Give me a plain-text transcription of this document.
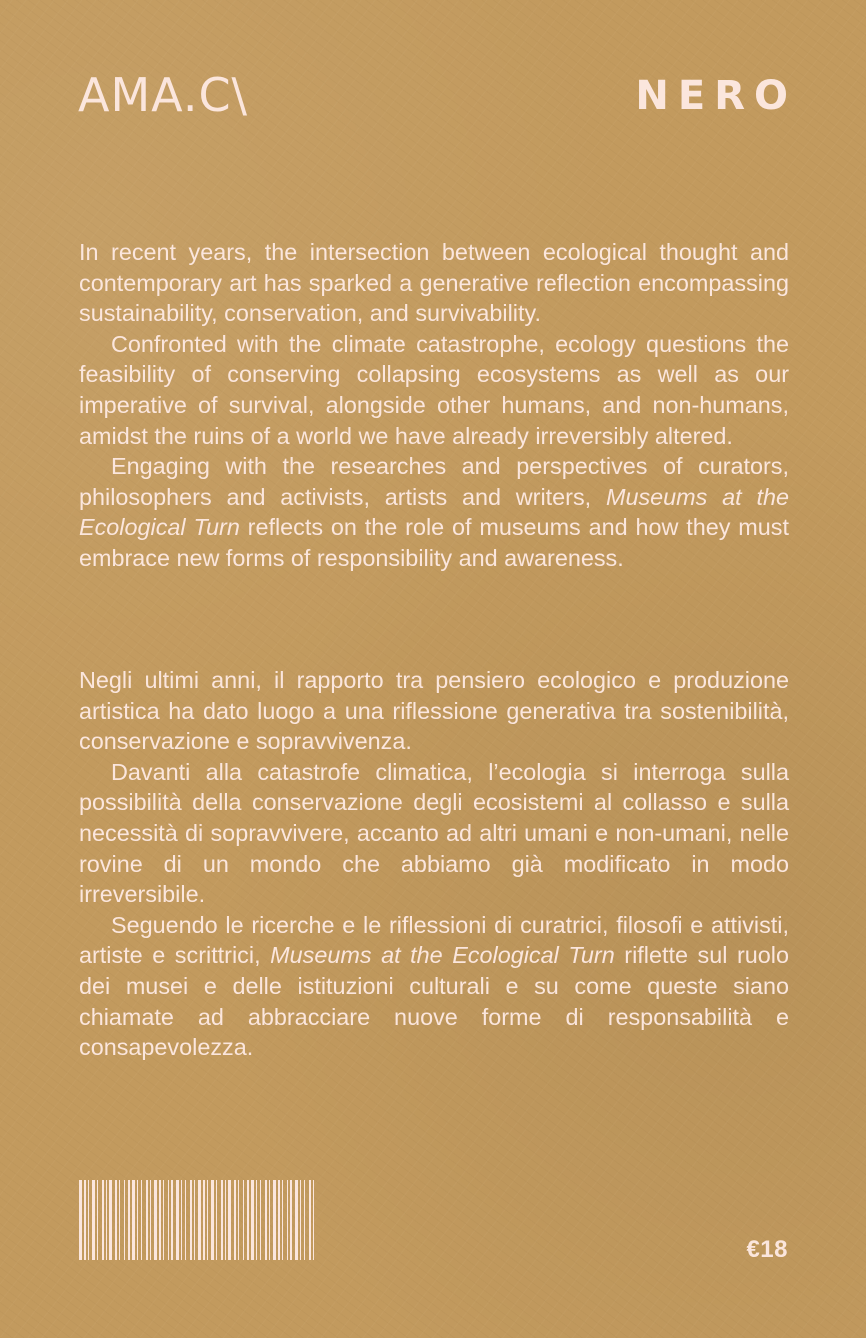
AMA.C\	NERO

In recent years, the intersection between ecological thought and contemporary art has sparked a generative reflection encompassing sustainability, conservation, and survivability.

Confronted with the climate catastrophe, ecology questions the feasibility of conserving collapsing ecosystems as well as our imperative of survival, alongside other humans, and non-humans, amidst the ruins of a world we have already irreversibly altered.

Engaging with the researches and perspectives of curators, philosophers and activists, artists and writers, Museums at the Ecological Turn reflects on the role of museums and how they must embrace new forms of responsibility and awareness.

Negli ultimi anni, il rapporto tra pensiero ecologico e produzione artistica ha dato luogo a una riflessione generativa tra sostenibilità, conservazione e sopravvivenza.

Davanti alla catastrofe climatica, l’ecologia si interroga sulla possibilità della conservazione degli ecosistemi al collasso e sulla necessità di sopravvivere, accanto ad altri umani e non-umani, nelle rovine di un mondo che abbiamo già modificato in modo irreversibile.

Seguendo le ricerche e le riflessioni di curatrici, filosofi e attivisti, artiste e scrittrici, Museums at the Ecological Turn riflette sul ruolo dei musei e delle istituzioni culturali e su come queste siano chiamate ad abbracciare nuove forme di responsabilità e consapevolezza.

€18
